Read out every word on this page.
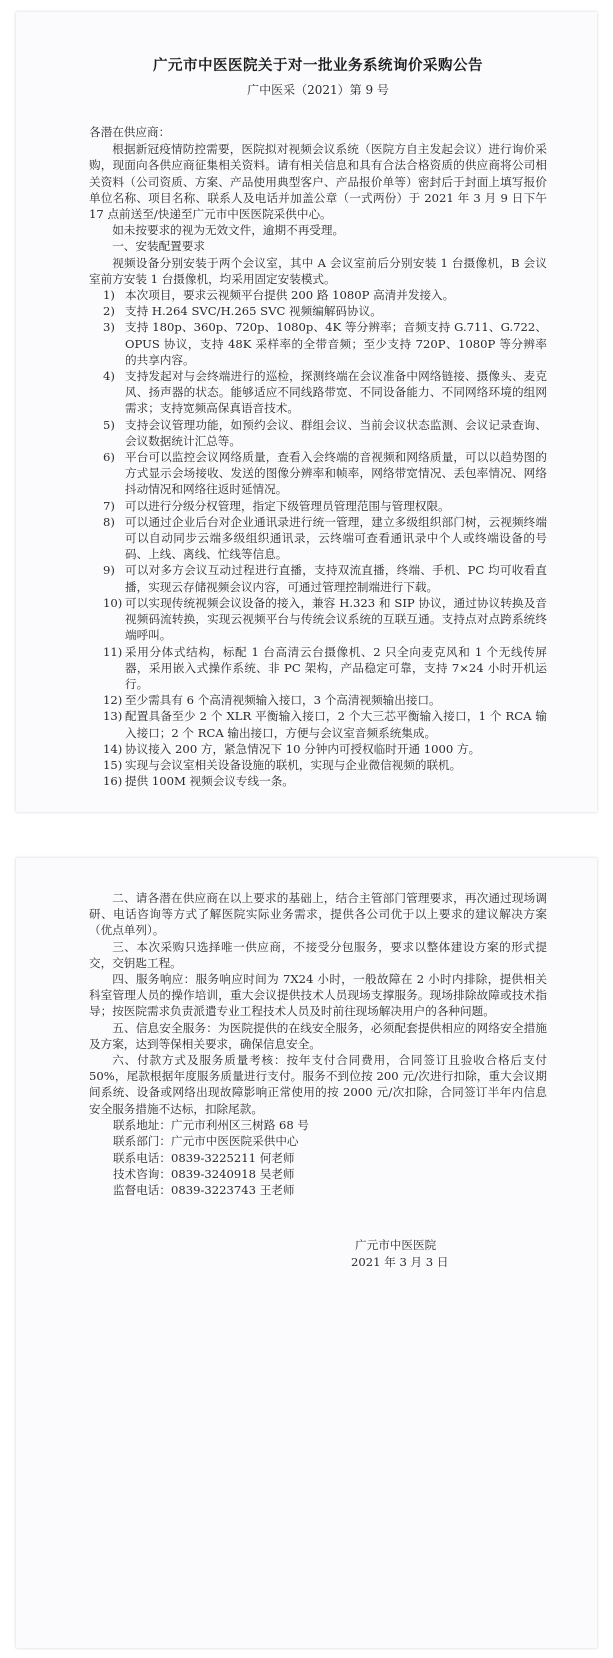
广元市中医医院关于对一批业务系统询价采购公告
广中医采（2021）第 9 号

各潜在供应商：

根据新冠疫情防控需要，医院拟对视频会议系统（医院方自主发起会议）进行询价采购，现面向各供应商征集相关资料。请有相关信息和具有合法合格资质的供应商将公司相关资料（公司资质、方案、产品使用典型客户、产品报价单等）密封后于封面上填写报价单位名称、项目名称、联系人及电话并加盖公章（一式两份）于 2021 年 3 月 9 日下午 17 点前送至/快递至广元市中医医院采供中心。

如未按要求的视为无效文件，逾期不再受理。

一、安装配置要求

视频设备分别安装于两个会议室，其中 A 会议室前后分别安装 1 台摄像机，B 会议室前方安装 1 台摄像机，均采用固定安装模式。

1) 本次项目，要求云视频平台提供 200 路 1080P 高清并发接入。
2) 支持 H.264 SVC/H.265 SVC 视频编解码协议。
3) 支持 180p、360p、720p、1080p、4K 等分辨率；音频支持 G.711、G.722、OPUS 协议，支持 48K 采样率的全带音频；至少支持 720P、1080P 等分辨率的共享内容。
4) 支持发起对与会终端进行的巡检，探测终端在会议准备中网络链接、摄像头、麦克风、扬声器的状态。能够适应不同线路带宽、不同设备能力、不同网络环境的组网需求；支持宽频高保真语音技术。
5) 支持会议管理功能，如预约会议、群组会议、当前会议状态监测、会议记录查询、会议数据统计汇总等。
6) 平台可以监控会议网络质量，查看入会终端的音视频和网络质量，可以以趋势图的方式显示会场接收、发送的图像分辨率和帧率，网络带宽情况、丢包率情况、网络抖动情况和网络往返时延情况。
7) 可以进行分级分权管理，指定下级管理员管理范围与管理权限。
8) 可以通过企业后台对企业通讯录进行统一管理，建立多级组织部门树，云视频终端可以自动同步云端多级组织通讯录，云终端可查看通讯录中个人或终端设备的号码、上线、离线、忙线等信息。
9) 可以对多方会议互动过程进行直播，支持双流直播，终端、手机、PC 均可收看直播，实现云存储视频会议内容，可通过管理控制端进行下载。
10) 可以实现传统视频会议设备的接入，兼容 H.323 和 SIP 协议，通过协议转换及音视频码流转换，实现云视频平台与传统会议系统的互联互通。支持点对点跨系统终端呼叫。
11) 采用分体式结构，标配 1 台高清云台摄像机、2 只全向麦克风和 1 个无线传屏器，采用嵌入式操作系统、非 PC 架构，产品稳定可靠，支持 7×24 小时开机运行。
12) 至少需具有 6 个高清视频输入接口，3 个高清视频输出接口。
13) 配置具备至少 2 个 XLR 平衡输入接口，2 个大三芯平衡输入接口，1 个 RCA 输入接口；2 个 RCA 输出接口，方便与会议室音频系统集成。
14) 协议接入 200 方，紧急情况下 10 分钟内可授权临时开通 1000 方。
15) 实现与会议室相关设备设施的联机，实现与企业微信视频的联机。
16) 提供 100M 视频会议专线一条。

二、请各潜在供应商在以上要求的基础上，结合主管部门管理要求，再次通过现场调研、电话咨询等方式了解医院实际业务需求，提供各公司优于以上要求的建议解决方案（优点单列）。

三、本次采购只选择唯一供应商，不接受分包服务，要求以整体建设方案的形式提交，交钥匙工程。

四、服务响应：服务响应时间为 7X24 小时，一般故障在 2 小时内排除，提供相关科室管理人员的操作培训，重大会议提供技术人员现场支撑服务。现场排除故障或技术指导；按医院需求负责派遣专业工程技术人员及时前往现场解决用户的各种问题。

五、信息安全服务：为医院提供的在线安全服务，必须配套提供相应的网络安全措施及方案，达到等保相关要求，确保信息安全。

六、付款方式及服务质量考核：按年支付合同费用，合同签订且验收合格后支付 50%，尾款根据年度服务质量进行支付。服务不到位按 200 元/次进行扣除，重大会议期间系统、设备或网络出现故障影响正常使用的按 2000 元/次扣除，合同签订半年内信息安全服务措施不达标，扣除尾款。

联系地址：广元市利州区三树路 68 号
联系部门：广元市中医医院采供中心
联系电话：0839-3225211 何老师
技术咨询：0839-3240918 吴老师
监督电话：0839-3223743 王老师
广元市中医医院
2021 年 3 月 3 日
